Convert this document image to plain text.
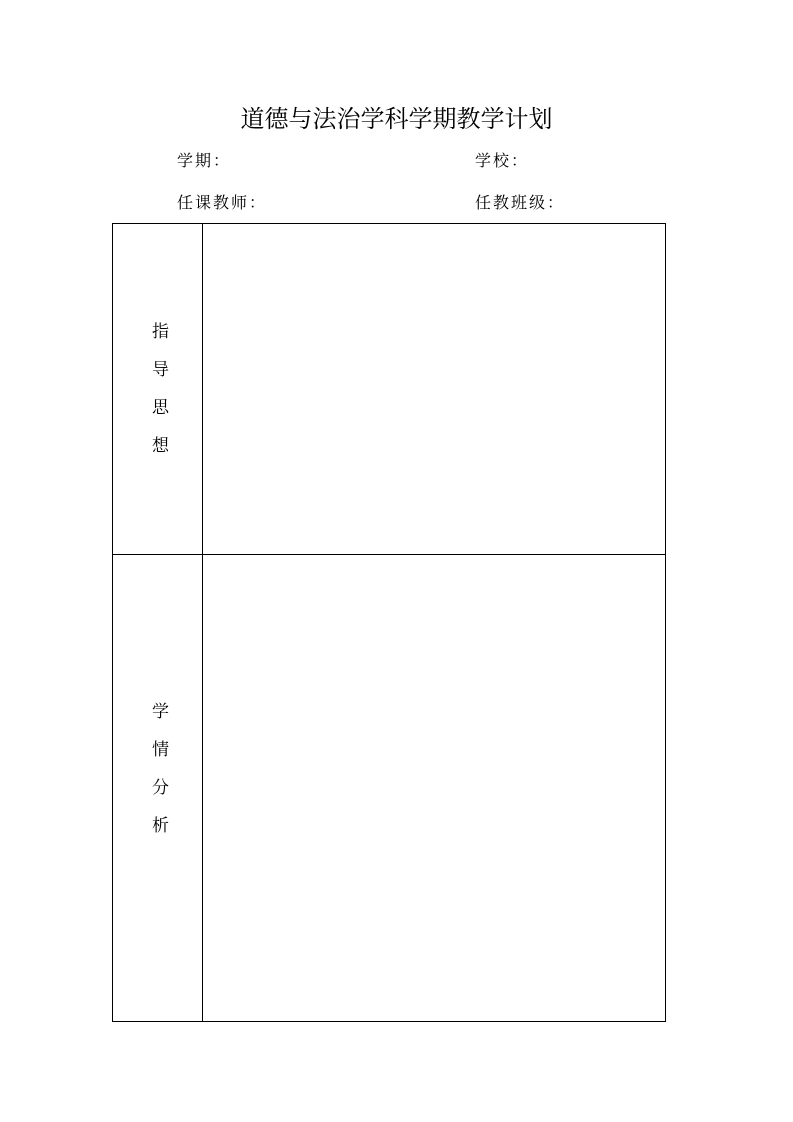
道德与法治学科学期教学计划
学期：	学校：
任课教师：	任教班级：
指导思想
学情分析
